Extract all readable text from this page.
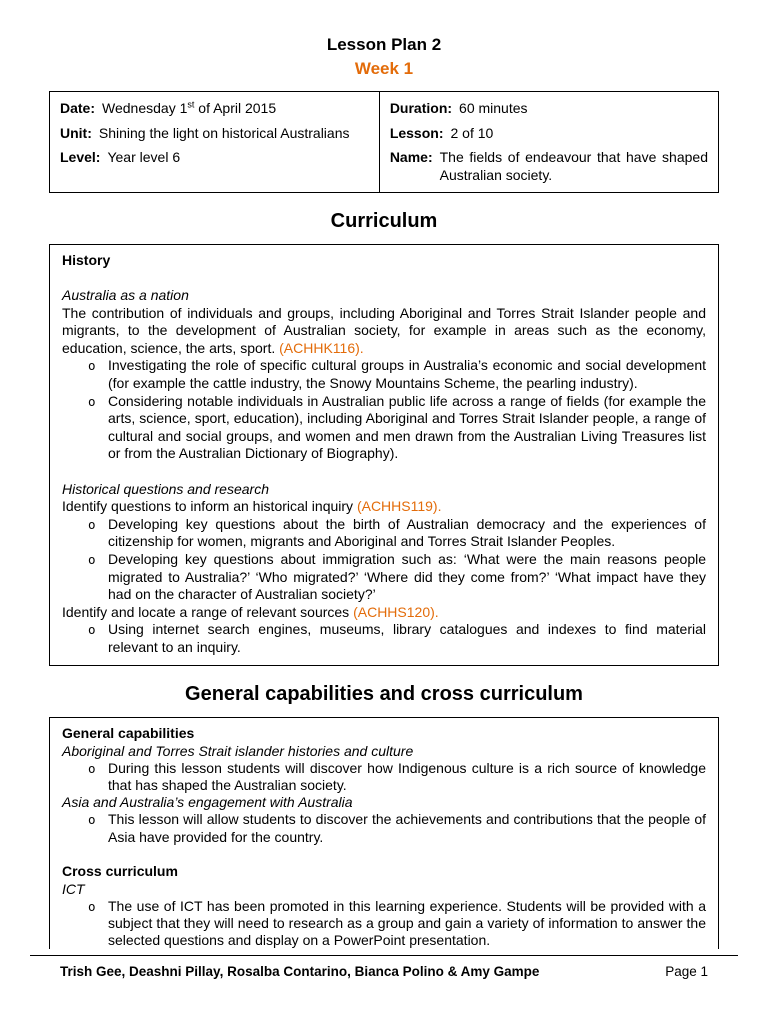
Lesson Plan 2
Week 1

Date: Wednesday 1st of April 2015

Unit: Shining the light on historical Australians

Level: Year level 6

Duration: 60 minutes

Lesson: 2 of 10

Name: The fields of endeavour that have shaped Australian society.

Curriculum

History

Australia as a nation

The contribution of individuals and groups, including Aboriginal and Torres Strait Islander people and migrants, to the development of Australian society, for example in areas such as the economy, education, science, the arts, sport. (ACHHK116).

o Investigating the role of specific cultural groups in Australia’s economic and social development (for example the cattle industry, the Snowy Mountains Scheme, the pearling industry).
o Considering notable individuals in Australian public life across a range of fields (for example the arts, science, sport, education), including Aboriginal and Torres Strait Islander people, a range of cultural and social groups, and women and men drawn from the Australian Living Treasures list or from the Australian Dictionary of Biography).

Historical questions and research

Identify questions to inform an historical inquiry (ACHHS119).

o Developing key questions about the birth of Australian democracy and the experiences of citizenship for women, migrants and Aboriginal and Torres Strait Islander Peoples.
o Developing key questions about immigration such as: ‘What were the main reasons people migrated to Australia?’ ‘Who migrated?’ ‘Where did they come from?’ ‘What impact have they had on the character of Australian society?’

Identify and locate a range of relevant sources (ACHHS120).

o Using internet search engines, museums, library catalogues and indexes to find material relevant to an inquiry.
General capabilities and cross curriculum

General capabilities

Aboriginal and Torres Strait islander histories and culture

o During this lesson students will discover how Indigenous culture is a rich source of knowledge that has shaped the Australian society.

Asia and Australia’s engagement with Australia

o This lesson will allow students to discover the achievements and contributions that the people of Asia have provided for the country.

Cross curriculum

ICT

o The use of ICT has been promoted in this learning experience. Students will be provided with a subject that they will need to research as a group and gain a variety of information to answer the selected questions and display on a PowerPoint presentation.
Trish Gee, Deashni Pillay, Rosalba Contarino, Bianca Polino & Amy Gampe	Page 1
